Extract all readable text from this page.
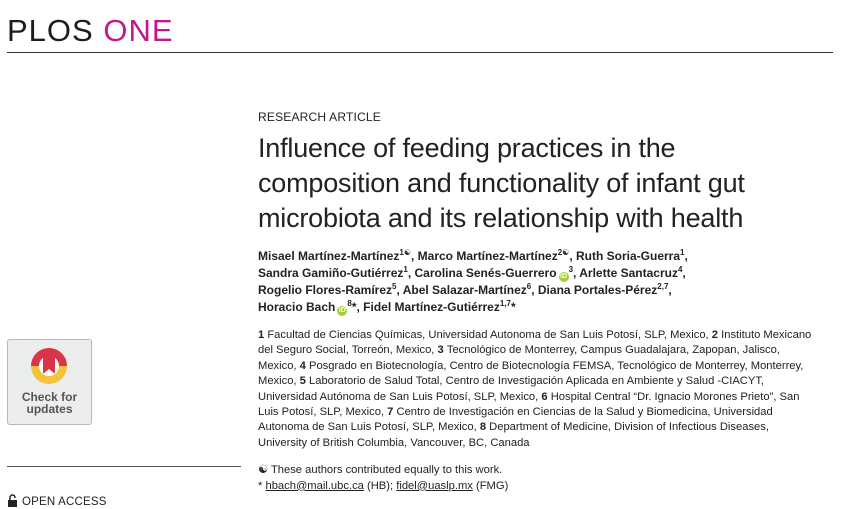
PLOS ONE
RESEARCH ARTICLE
Influence of feeding practices in the composition and functionality of infant gut microbiota and its relationship with health
Misael Martínez-Martínez$^{1☯}$, Marco Martínez-Martínez$^{2☯}$, Ruth Soria-Guerra$^1$,
Sandra Gamiño-Gutiérrez$^1$, Carolina Senés-Guerrero $iD^3$, Arlette Santacruz$^4$,
Rogelio Flores-Ramírez$^5$, Abel Salazar-Martínez$^6$, Diana Portales-Pérez$^{2,7}$,
Horacio Bach $iD^8*$, Fidel Martínez-Gutiérrez$^{1,7}$*
1 Facultad de Ciencias Químicas, Universidad Autonoma de San Luis Potosí, SLP, Mexico, 2 Instituto Mexicano del Seguro Social, Torreón, Mexico, 3 Tecnológico de Monterrey, Campus Guadalajara, Zapopan, Jalisco, Mexico, 4 Posgrado en Biotecnología, Centro de Biotecnología FEMSA, Tecnológico de Monterrey, Monterrey, Mexico, 5 Laboratorio de Salud Total, Centro de Investigación Aplicada en Ambiente y Salud -CIACYT, Universidad Autónoma de San Luis Potosí, SLP, Mexico, 6 Hospital Central “Dr. Ignacio Morones Prieto”, San Luis Potosí, SLP, Mexico, 7 Centro de Investigación en Ciencias de la Salud y Biomedicina, Universidad Autonoma de San Luis Potosí, SLP, Mexico, 8 Department of Medicine, Division of Infectious Diseases, University of British Columbia, Vancouver, BC, Canada
☯ These authors contributed equally to this work.
* hbach@mail.ubc.ca (HB); fidel@uaslp.mx (FMG)
Check for
updates
OPEN ACCESS
